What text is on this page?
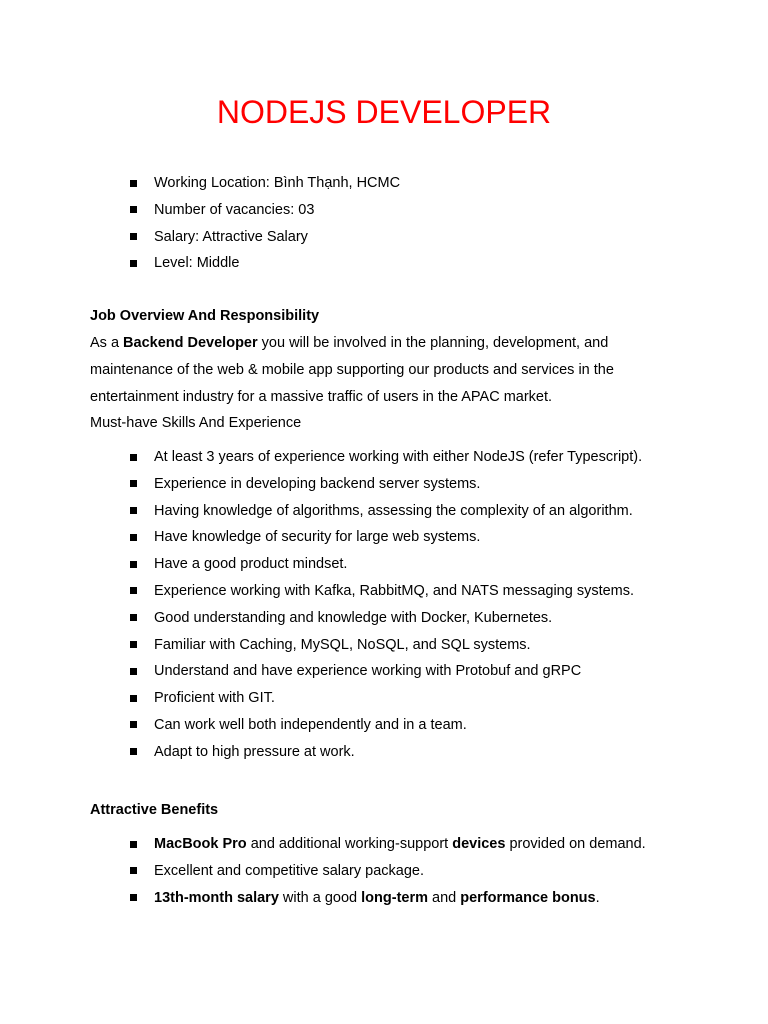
NODEJS DEVELOPER
Working Location: Bình Thạnh, HCMC
Number of vacancies: 03
Salary: Attractive Salary
Level: Middle
Job Overview And Responsibility
As a Backend Developer you will be involved in the planning, development, and
maintenance of the web & mobile app supporting our products and services in the
entertainment industry for a massive traffic of users in the APAC market.
Must-have Skills And Experience
At least 3 years of experience working with either NodeJS (refer Typescript).
Experience in developing backend server systems.
Having knowledge of algorithms, assessing the complexity of an algorithm.
Have knowledge of security for large web systems.
Have a good product mindset.
Experience working with Kafka, RabbitMQ, and NATS messaging systems.
Good understanding and knowledge with Docker, Kubernetes.
Familiar with Caching, MySQL, NoSQL, and SQL systems.
Understand and have experience working with Protobuf and gRPC
Proficient with GIT.
Can work well both independently and in a team.
Adapt to high pressure at work.
Attractive Benefits
MacBook Pro and additional working-support devices provided on demand.
Excellent and competitive salary package.
13th-month salary with a good long-term and performance bonus.
